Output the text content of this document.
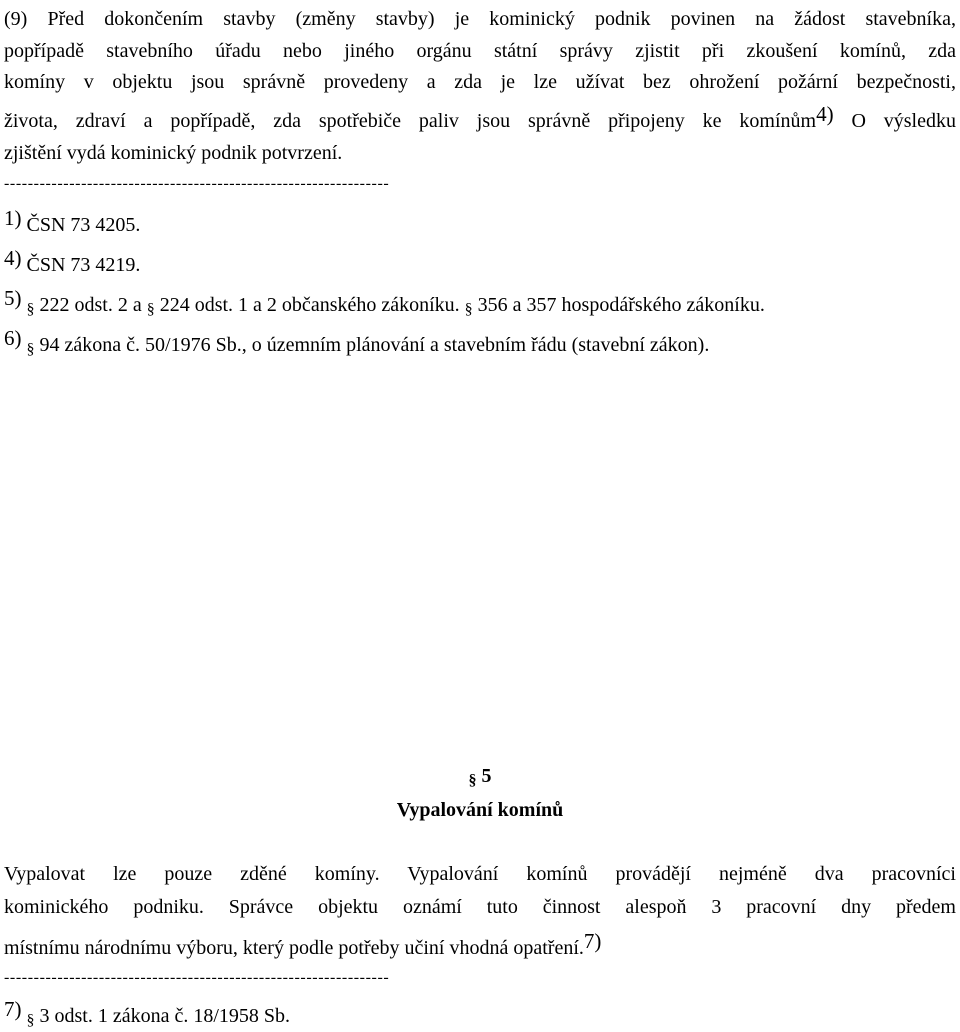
(9) Před dokončením stavby (změny stavby) je kominický podnik povinen na žádost stavebníka,
popřípadě stavebního úřadu nebo jiného orgánu státní správy zjistit při zkoušení komínů, zda
komíny v objektu jsou správně provedeny a zda je lze užívat bez ohrožení požární bezpečnosti,
života, zdraví a popřípadě, zda spotřebiče paliv jsou správně připojeny ke komínům4) O výsledku
zjištění vydá kominický podnik potvrzení.
-----------------------------------------------------------------
1) ČSN 73 4205.
4) ČSN 73 4219.
5) § 222 odst. 2 a § 224 odst. 1 a 2 občanského zákoníku. § 356 a 357 hospodářského zákoníku.
6) § 94 zákona č. 50/1976 Sb., o územním plánování a stavebním řádu (stavební zákon).
§ 5
Vypalování komínů
Vypalovat lze pouze zděné komíny. Vypalování komínů provádějí nejméně dva pracovníci
kominického podniku. Správce objektu oznámí tuto činnost alespoň 3 pracovní dny předem
místnímu národnímu výboru, který podle potřeby učiní vhodná opatření.7)
-----------------------------------------------------------------
7) § 3 odst. 1 zákona č. 18/1958 Sb.
